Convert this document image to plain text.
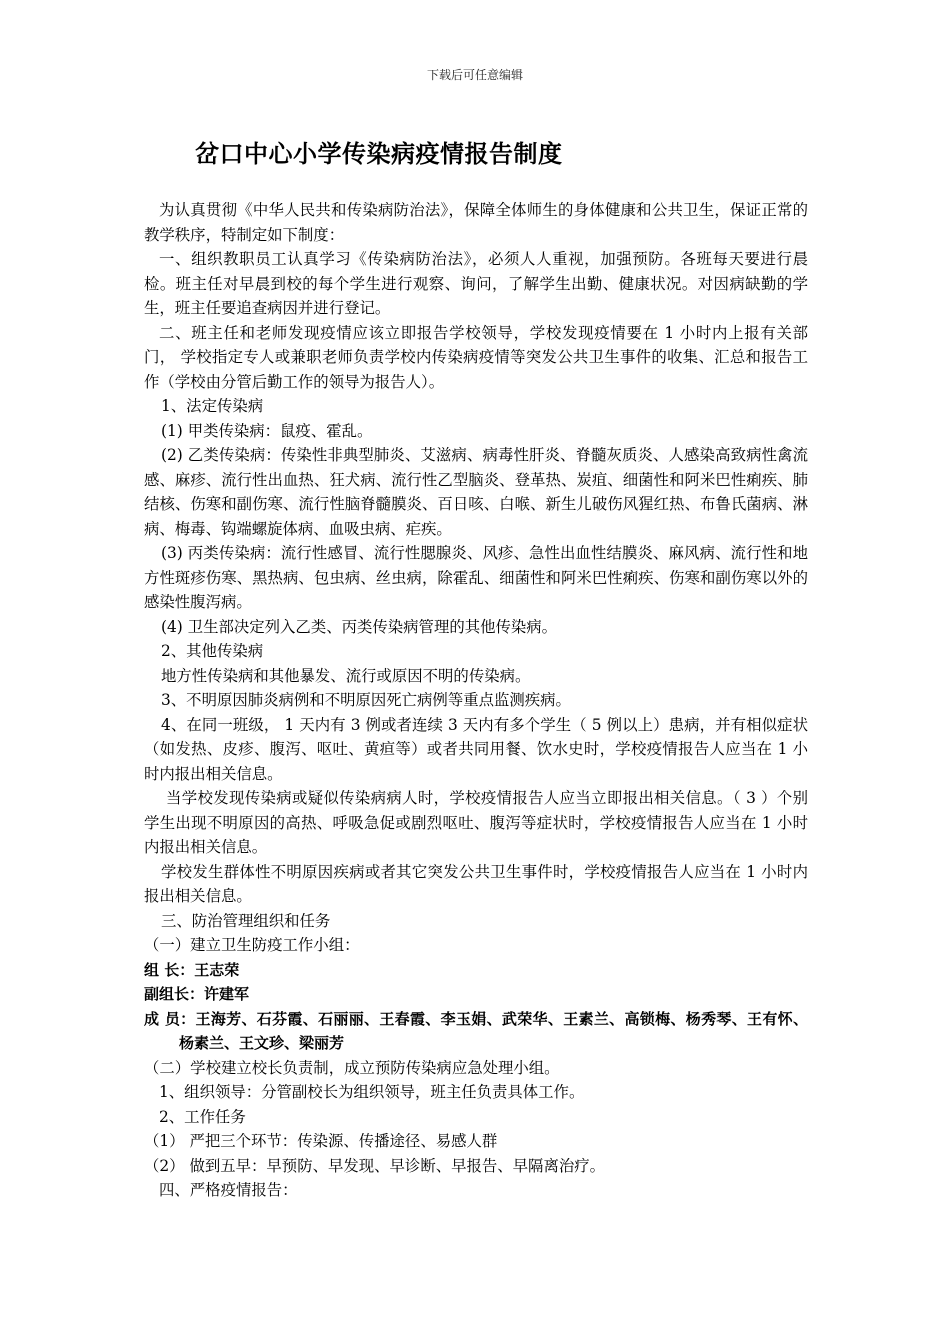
下载后可任意编辑
岔口中心小学传染病疫情报告制度

为认真贯彻《中华人民共和传染病防治法》，保障全体师生的身体健康和公共卫生，保证正常的教学秩序，特制定如下制度：

一、组织教职员工认真学习《传染病防治法》，必须人人重视，加强预防。各班每天要进行晨检。班主任对早晨到校的每个学生进行观察、询问，了解学生出勤、健康状况。对因病缺勤的学生，班主任要追查病因并进行登记。

二、班主任和老师发现疫情应该立即报告学校领导，学校发现疫情要在 1 小时内上报有关部门， 学校指定专人或兼职老师负责学校内传染病疫情等突发公共卫生事件的收集、汇总和报告工作（学校由分管后勤工作的领导为报告人）。

1、法定传染病

(1) 甲类传染病：鼠疫、霍乱。

(2) 乙类传染病：传染性非典型肺炎、艾滋病、病毒性肝炎、脊髓灰质炎、人感染高致病性禽流感、麻疹、流行性出血热、狂犬病、流行性乙型脑炎、登革热、炭疽、细菌性和阿米巴性痢疾、肺结核、伤寒和副伤寒、流行性脑脊髓膜炎、百日咳、白喉、新生儿破伤风猩红热、布鲁氏菌病、淋病、梅毒、钩端螺旋体病、血吸虫病、疟疾。

(3) 丙类传染病：流行性感冒、流行性腮腺炎、风疹、急性出血性结膜炎、麻风病、流行性和地方性斑疹伤寒、黑热病、包虫病、丝虫病，除霍乱、细菌性和阿米巴性痢疾、伤寒和副伤寒以外的感染性腹泻病。

(4) 卫生部决定列入乙类、丙类传染病管理的其他传染病。

2、其他传染病

地方性传染病和其他暴发、流行或原因不明的传染病。

3、不明原因肺炎病例和不明原因死亡病例等重点监测疾病。

4、在同一班级， 1 天内有 3 例或者连续 3 天内有多个学生（ 5 例以上）患病，并有相似症状（如发热、皮疹、腹泻、呕吐、黄疸等）或者共同用餐、饮水史时，学校疫情报告人应当在 1 小时内报出相关信息。

当学校发现传染病或疑似传染病病人时，学校疫情报告人应当立即报出相关信息。（ 3 ）个别学生出现不明原因的高热、呼吸急促或剧烈呕吐、腹泻等症状时，学校疫情报告人应当在 1 小时内报出相关信息。

学校发生群体性不明原因疾病或者其它突发公共卫生事件时，学校疫情报告人应当在 1 小时内报出相关信息。

三、防治管理组织和任务

（一）建立卫生防疫工作小组：

组 长：王志荣

副组长：许建军

成 员：王海芳、石芬霞、石丽丽、王春霞、李玉娟、武荣华、王素兰、高锁梅、杨秀琴、王有怀、杨素兰、王文珍、梁丽芳

（二）学校建立校长负责制，成立预防传染病应急处理小组。

1、组织领导：分管副校长为组织领导，班主任负责具体工作。

2、工作任务

（1） 严把三个环节：传染源、传播途径、易感人群

（2） 做到五早：早预防、早发现、早诊断、早报告、早隔离治疗。

四、严格疫情报告：
